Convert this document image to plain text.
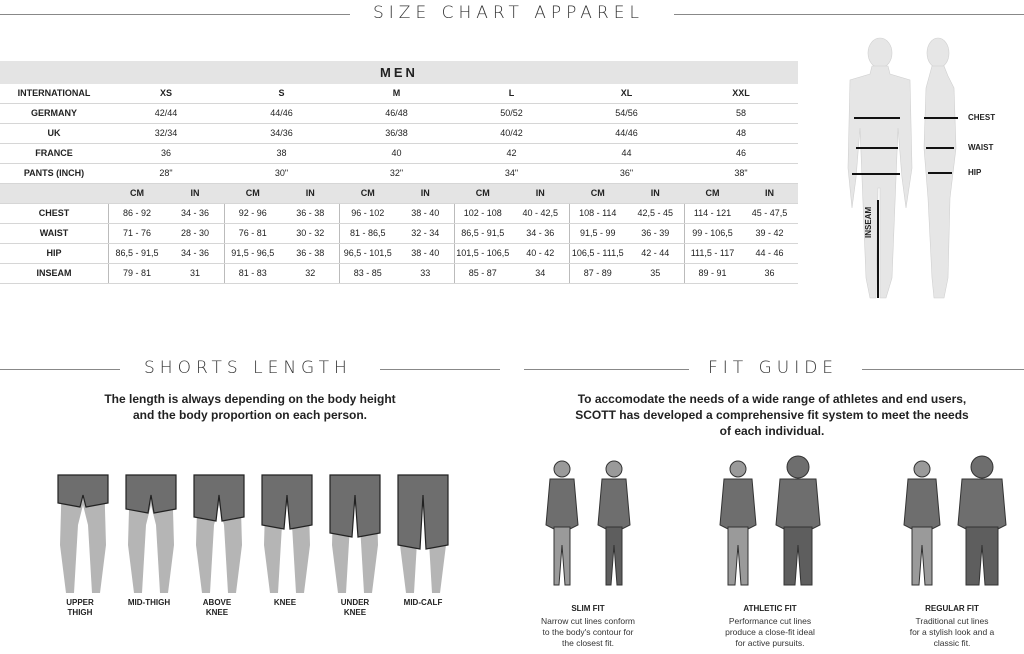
SIZE CHART APPAREL
MEN
INTERNATIONAL	XS	S	M	L	XL	XXL
GERMANY	42/44	44/46	46/48	50/52	54/56	58
UK	32/34	34/36	36/38	40/42	44/46	48
FRANCE	36	38	40	42	44	46
PANTS (INCH)	28"	30"	32"	34"	36"	38"
CM	IN	CM	IN	CM	IN	CM	IN	CM	IN	CM	IN
CHEST	86 - 92	34 - 36	92 - 96	36 - 38	96 - 102	38 - 40	102 - 108	40 - 42,5	108 - 114	42,5 - 45	114 - 121	45 - 47,5
WAIST	71 - 76	28 - 30	76 - 81	30 - 32	81 - 86,5	32 - 34	86,5 - 91,5	34 - 36	91,5 - 99	36 - 39	99 - 106,5	39 - 42
HIP	86,5 - 91,5	34 - 36	91,5 - 96,5	36 - 38	96,5 - 101,5	38 - 40	101,5 - 106,5	40 - 42	106,5 - 111,5	42 - 44	111,5 - 117	44 - 46
INSEAM	79 - 81	31	81 - 83	32	83 - 85	33	85 - 87	34	87 - 89	35	89 - 91	36
CHEST
WAIST
HIP
INSEAM
SHORTS LENGTH
The length is always depending on the body height
and the body proportion on each person.
UPPER
THIGH
MID-THIGH	ABOVE
KNEE
KNEE	UNDER
KNEE
MID-CALF
FIT GUIDE
To accomodate the needs of a wide range of athletes and end users,
SCOTT has developed a comprehensive fit system to meet the needs
of each individual.
SLIM FIT
Narrow cut lines conform
to the body's contour for
the closest fit.
ATHLETIC FIT
Performance cut lines
produce a close-fit ideal
for active pursuits.
REGULAR FIT
Traditional cut lines
for a stylish look and a
classic fit.
